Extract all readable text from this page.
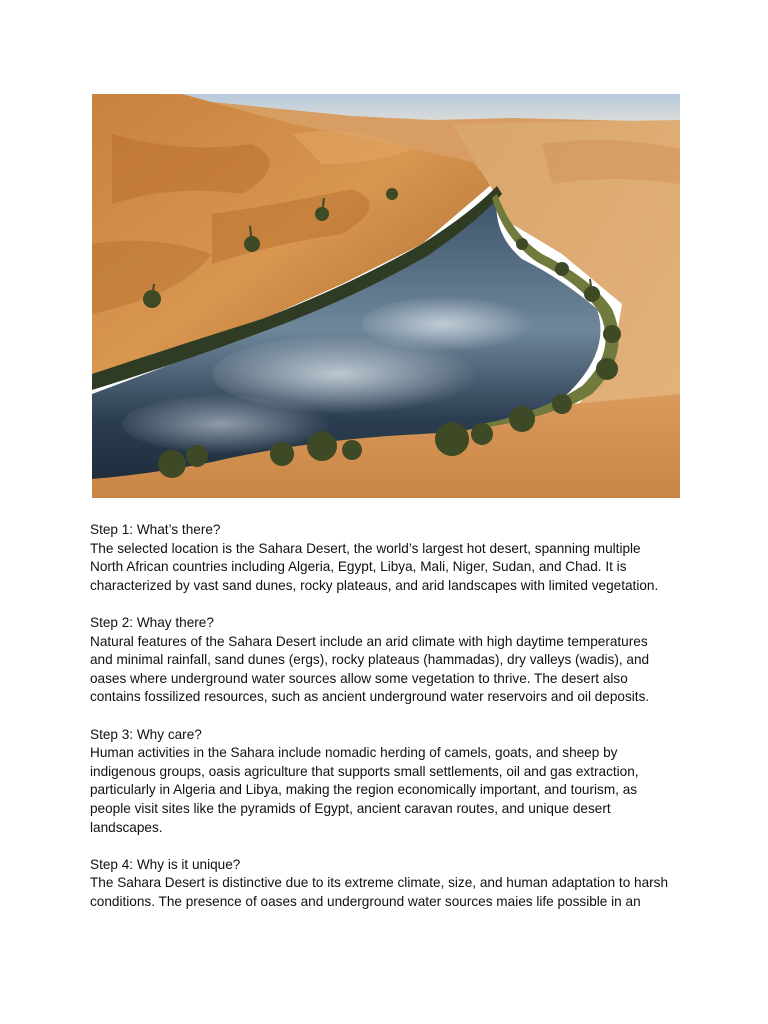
Step 1: What’s there?

The selected location is the Sahara Desert, the world’s largest hot desert, spanning multiple

North African countries including Algeria, Egypt, Libya, Mali, Niger, Sudan, and Chad. It is

characterized by vast sand dunes, rocky plateaus, and arid landscapes with limited vegetation.

Step 2: Whay there?

Natural features of the Sahara Desert include an arid climate with high daytime temperatures

and minimal rainfall, sand dunes (ergs), rocky plateaus (hammadas), dry valleys (wadis), and

oases where underground water sources allow some vegetation to thrive. The desert also

contains fossilized resources, such as ancient underground water reservoirs and oil deposits.

Step 3: Why care?

Human activities in the Sahara include nomadic herding of camels, goats, and sheep by

indigenous groups, oasis agriculture that supports small settlements, oil and gas extraction,

particularly in Algeria and Libya, making the region economically important, and tourism, as

people visit sites like the pyramids of Egypt, ancient caravan routes, and unique desert

landscapes.

Step 4: Why is it unique?

The Sahara Desert is distinctive due to its extreme climate, size, and human adaptation to harsh

conditions. The presence of oases and underground water sources maies life possible in an
